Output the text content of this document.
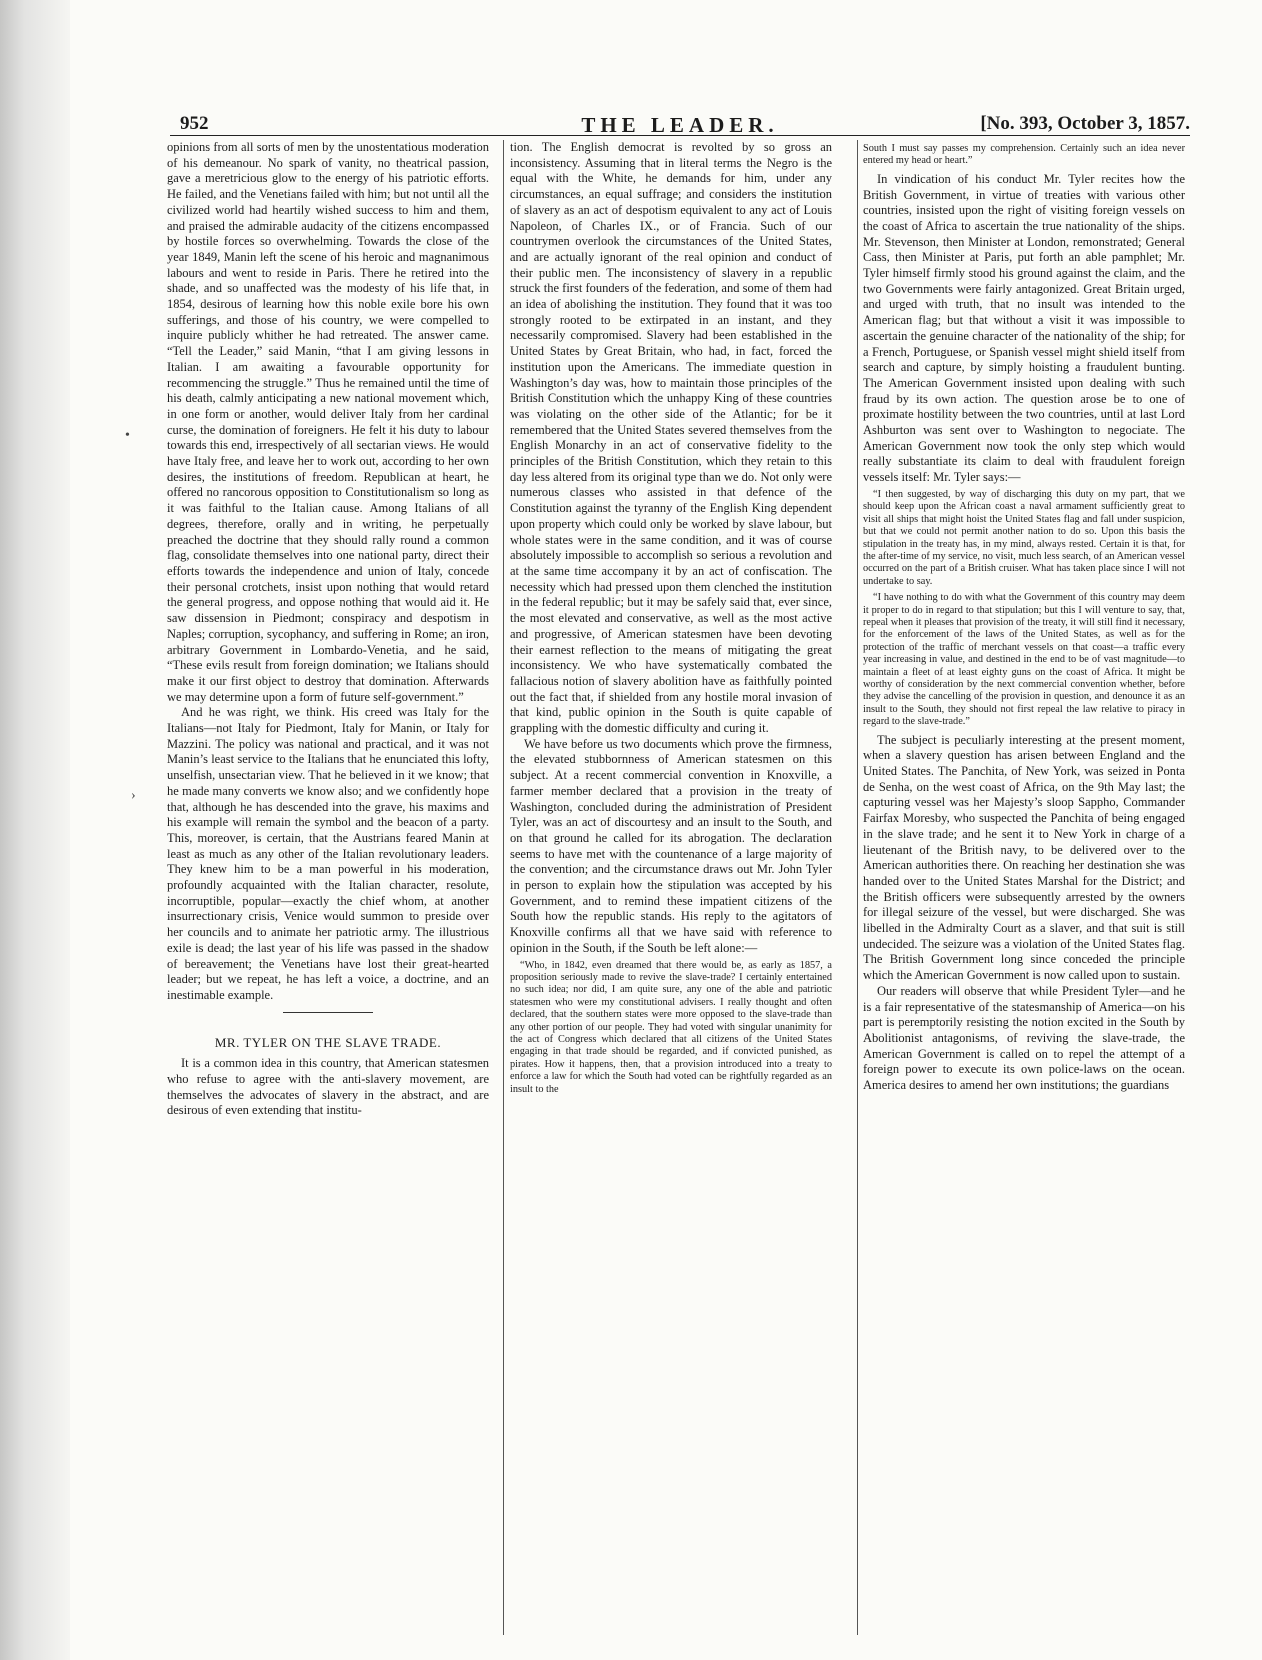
952	THE LEADER.	[No. 393, October 3, 1857.

opinions from all sorts of men by the unostentatious moderation of his demeanour. No spark of vanity, no theatrical passion, gave a meretricious glow to the energy of his patriotic efforts. He failed, and the Venetians failed with him; but not until all the civilized world had heartily wished success to him and them, and praised the admirable audacity of the citizens encompassed by hostile forces so overwhelming. Towards the close of the year 1849, Manin left the scene of his heroic and magnanimous labours and went to reside in Paris. There he retired into the shade, and so unaffected was the modesty of his life that, in 1854, desirous of learning how this noble exile bore his own sufferings, and those of his country, we were compelled to inquire publicly whither he had retreated. The answer came. “Tell the Leader,” said Manin, “that I am giving lessons in Italian. I am awaiting a favourable opportunity for recommencing the struggle.” Thus he remained until the time of his death, calmly anticipating a new national movement which, in one form or another, would deliver Italy from her cardinal curse, the domination of foreigners. He felt it his duty to labour towards this end, irrespectively of all sectarian views. He would have Italy free, and leave her to work out, according to her own desires, the institutions of freedom. Republican at heart, he offered no rancorous opposition to Constitutionalism so long as it was faithful to the Italian cause. Among Italians of all degrees, therefore, orally and in writing, he perpetually preached the doctrine that they should rally round a common flag, consolidate themselves into one national party, direct their efforts towards the independence and union of Italy, concede their personal crotchets, insist upon nothing that would retard the general progress, and oppose nothing that would aid it. He saw dissension in Piedmont; conspiracy and despotism in Naples; corruption, sycophancy, and suffering in Rome; an iron, arbitrary Government in Lombardo-Venetia, and he said, “These evils result from foreign domination; we Italians should make it our first object to destroy that domination. Afterwards we may determine upon a form of future self-government.”

And he was right, we think. His creed was Italy for the Italians—not Italy for Piedmont, Italy for Manin, or Italy for Mazzini. The policy was national and practical, and it was not Manin’s least service to the Italians that he enunciated this lofty, unselfish, unsectarian view. That he believed in it we know; that he made many converts we know also; and we confidently hope that, although he has descended into the grave, his maxims and his example will remain the symbol and the beacon of a party. This, moreover, is certain, that the Austrians feared Manin at least as much as any other of the Italian revolutionary leaders. They knew him to be a man powerful in his moderation, profoundly acquainted with the Italian character, resolute, incorruptible, popular—exactly the chief whom, at another insurrectionary crisis, Venice would summon to preside over her councils and to animate her patriotic army. The illustrious exile is dead; the last year of his life was passed in the shadow of bereavement; the Venetians have lost their great-hearted leader; but we repeat, he has left a voice, a doctrine, and an inestimable example.

MR. TYLER ON THE SLAVE TRADE.

It is a common idea in this country, that American statesmen who refuse to agree with the anti-slavery movement, are themselves the advocates of slavery in the abstract, and are desirous of even extending that institu-

tion. The English democrat is revolted by so gross an inconsistency. Assuming that in literal terms the Negro is the equal with the White, he demands for him, under any circumstances, an equal suffrage; and considers the institution of slavery as an act of despotism equivalent to any act of Louis Napoleon, of Charles IX., or of Francia. Such of our countrymen overlook the circumstances of the United States, and are actually ignorant of the real opinion and conduct of their public men. The inconsistency of slavery in a republic struck the first founders of the federation, and some of them had an idea of abolishing the institution. They found that it was too strongly rooted to be extirpated in an instant, and they necessarily compromised. Slavery had been established in the United States by Great Britain, who had, in fact, forced the institution upon the Americans. The immediate question in Washington’s day was, how to maintain those principles of the British Constitution which the unhappy King of these countries was violating on the other side of the Atlantic; for be it remembered that the United States severed themselves from the English Monarchy in an act of conservative fidelity to the principles of the British Constitution, which they retain to this day less altered from its original type than we do. Not only were numerous classes who assisted in that defence of the Constitution against the tyranny of the English King dependent upon property which could only be worked by slave labour, but whole states were in the same condition, and it was of course absolutely impossible to accomplish so serious a revolution and at the same time accompany it by an act of confiscation. The necessity which had pressed upon them clenched the institution in the federal republic; but it may be safely said that, ever since, the most elevated and conservative, as well as the most active and progressive, of American statesmen have been devoting their earnest reflection to the means of mitigating the great inconsistency. We who have systematically combated the fallacious notion of slavery abolition have as faithfully pointed out the fact that, if shielded from any hostile moral invasion of that kind, public opinion in the South is quite capable of grappling with the domestic difficulty and curing it.

We have before us two documents which prove the firmness, the elevated stubbornness of American statesmen on this subject. At a recent commercial convention in Knoxville, a farmer member declared that a provision in the treaty of Washington, concluded during the administration of President Tyler, was an act of discourtesy and an insult to the South, and on that ground he called for its abrogation. The declaration seems to have met with the countenance of a large majority of the convention; and the circumstance draws out Mr. John Tyler in person to explain how the stipulation was accepted by his Government, and to remind these impatient citizens of the South how the republic stands. His reply to the agitators of Knoxville confirms all that we have said with reference to opinion in the South, if the South be left alone:—

“Who, in 1842, even dreamed that there would be, as early as 1857, a proposition seriously made to revive the slave-trade? I certainly entertained no such idea; nor did, I am quite sure, any one of the able and patriotic statesmen who were my constitutional advisers. I really thought and often declared, that the southern states were more opposed to the slave-trade than any other portion of our people. They had voted with singular unanimity for the act of Congress which declared that all citizens of the United States engaging in that trade should be regarded, and if convicted punished, as pirates. How it happens, then, that a provision introduced into a treaty to enforce a law for which the South had voted can be rightfully regarded as an insult to the

South I must say passes my comprehension. Certainly such an idea never entered my head or heart.”

In vindication of his conduct Mr. Tyler recites how the British Government, in virtue of treaties with various other countries, insisted upon the right of visiting foreign vessels on the coast of Africa to ascertain the true nationality of the ships. Mr. Stevenson, then Minister at London, remonstrated; General Cass, then Minister at Paris, put forth an able pamphlet; Mr. Tyler himself firmly stood his ground against the claim, and the two Governments were fairly antagonized. Great Britain urged, and urged with truth, that no insult was intended to the American flag; but that without a visit it was impossible to ascertain the genuine character of the nationality of the ship; for a French, Portuguese, or Spanish vessel might shield itself from search and capture, by simply hoisting a fraudulent bunting. The American Government insisted upon dealing with such fraud by its own action. The question arose be to one of proximate hostility between the two countries, until at last Lord Ashburton was sent over to Washington to negociate. The American Government now took the only step which would really substantiate its claim to deal with fraudulent foreign vessels itself: Mr. Tyler says:—

“I then suggested, by way of discharging this duty on my part, that we should keep upon the African coast a naval armament sufficiently great to visit all ships that might hoist the United States flag and fall under suspicion, but that we could not permit another nation to do so. Upon this basis the stipulation in the treaty has, in my mind, always rested. Certain it is that, for the after-time of my service, no visit, much less search, of an American vessel occurred on the part of a British cruiser. What has taken place since I will not undertake to say.

“I have nothing to do with what the Government of this country may deem it proper to do in regard to that stipulation; but this I will venture to say, that, repeal when it pleases that provision of the treaty, it will still find it necessary, for the enforcement of the laws of the United States, as well as for the protection of the traffic of merchant vessels on that coast—a traffic every year increasing in value, and destined in the end to be of vast magnitude—to maintain a fleet of at least eighty guns on the coast of Africa. It might be worthy of consideration by the next commercial convention whether, before they advise the cancelling of the provision in question, and denounce it as an insult to the South, they should not first repeal the law relative to piracy in regard to the slave-trade.”

The subject is peculiarly interesting at the present moment, when a slavery question has arisen between England and the United States. The Panchita, of New York, was seized in Ponta de Senha, on the west coast of Africa, on the 9th May last; the capturing vessel was her Majesty’s sloop Sappho, Commander Fairfax Moresby, who suspected the Panchita of being engaged in the slave trade; and he sent it to New York in charge of a lieutenant of the British navy, to be delivered over to the American authorities there. On reaching her destination she was handed over to the United States Marshal for the District; and the British officers were subsequently arrested by the owners for illegal seizure of the vessel, but were discharged. She was libelled in the Admiralty Court as a slaver, and that suit is still undecided. The seizure was a violation of the United States flag. The British Government long since conceded the principle which the American Government is now called upon to sustain.

Our readers will observe that while President Tyler—and he is a fair representative of the statesmanship of America—on his part is peremptorily resisting the notion excited in the South by Abolitionist antagonisms, of reviving the slave-trade, the American Government is called on to repel the attempt of a foreign power to execute its own police-laws on the ocean. America desires to amend her own institutions; the guardians

•
›
